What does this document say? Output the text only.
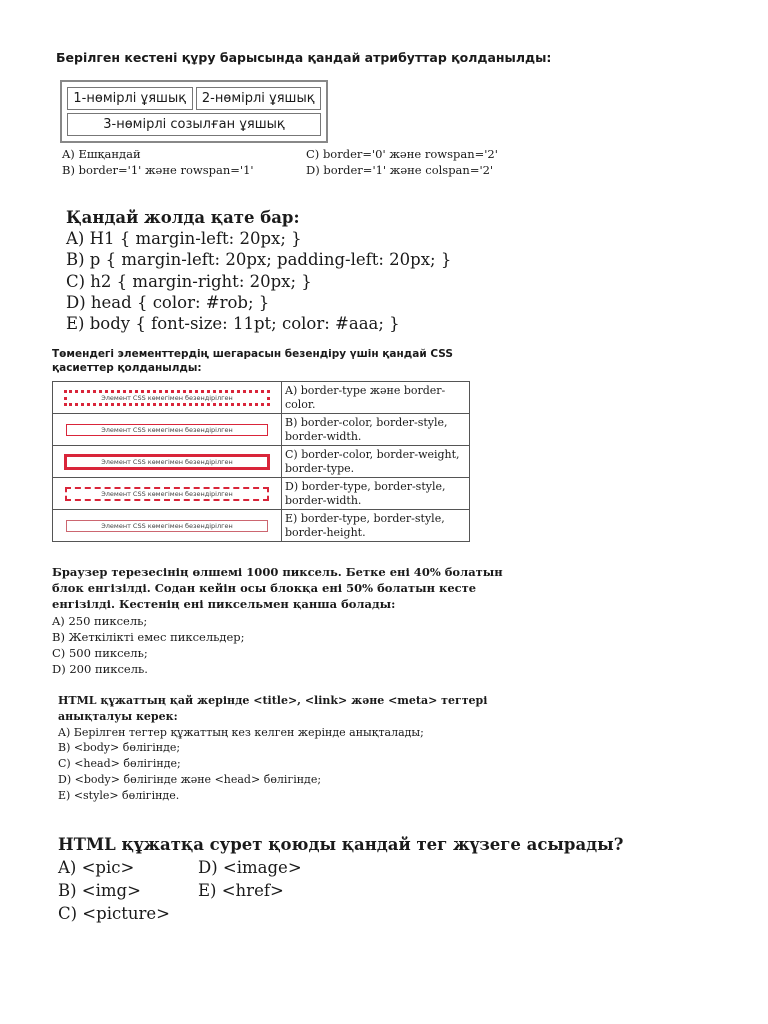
Берілген кестені құру барысында қандай атрибуттар қолданылды:
1-нөмірлі ұяшық	2-нөмірлі ұяшық
3-нөмірлі созылған ұяшық
A) Ешқандай
B) border='1' және rowspan='1'
C) border='0' және rowspan='2'
D) border='1' және colspan='2'
Қандай жолда қате бар:
A) H1 { margin-left: 20px; }
B) p { margin-left: 20px; padding-left: 20px; }
C) h2 { margin-right: 20px; }
D) head { color: #rob; }
E) body { font-size: 11pt; color: #aaa; }
Төмендегі элементтердің шегарасын безендіру үшін қандай CSS қасиеттер қолданылды:
Элемент CSS көмегімен безендірілген	A) border-type және border-color.

Элемент CSS көмегімен безендірілген	B) border-color, border-style, border-width.

Элемент CSS көмегімен безендірілген	C) border-color, border-weight, border-type.

Элемент CSS көмегімен безендірілген	D) border-type, border-style, border-width.

Элемент CSS көмегімен безендірілген	E) border-type, border-style, border-height.
Браузер терезесінің өлшемі 1000 пиксель. Бетке ені 40% болатын блок енгізілді. Содан кейін осы блокқа ені 50% болатын кесте енгізілді. Кестенің ені пиксельмен қанша болады:
A) 250 пиксель;
B) Жеткілікті емес пиксельдер;
C) 500 пиксель;
D) 200 пиксель.
HTML құжаттың қай жерінде <title>, <link> және <meta> тегтері анықталуы керек:
A) Берілген тегтер құжаттың кез келген жерінде анықталады;
B) <body> бөлігінде;
C) <head> бөлігінде;
D) <body> бөлігінде және <head> бөлігінде;
E) <style> бөлігінде.
HTML құжатқа сурет қоюды қандай тег жүзеге асырады?
A) <pic>
B) <img>
C) <picture>
D) <image>
E) <href>
